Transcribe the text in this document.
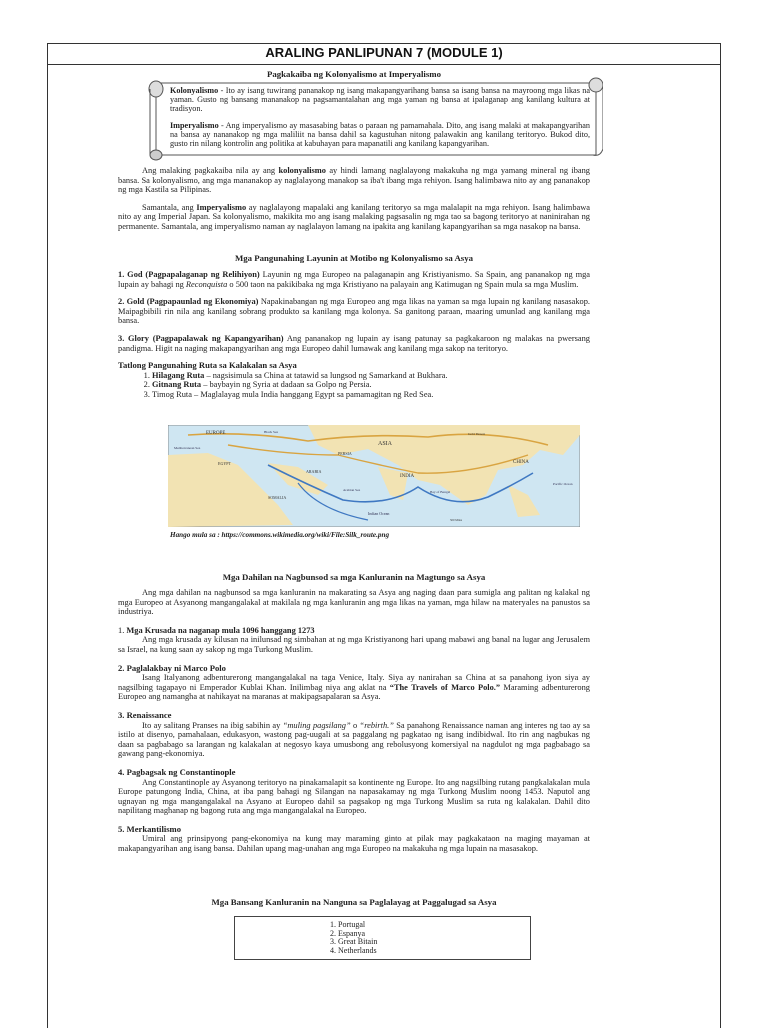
ARALING PANLIPUNAN 7 (MODULE 1)

Pagkakaiba ng Kolonyalismo at Imperyalismo

Kolonyalismo - Ito ay isang tuwirang pananakop ng isang makapangyarihang bansa sa isang bansa na mayroong mga likas na yaman. Gusto ng bansang mananakop na pagsamantalahan ang mga yaman ng bansa at ipalaganap ang kanilang kultura at tradisyon.

Imperyalismo - Ang imperyalismo ay masasabing batas o paraan ng pamamahala. Dito, ang isang malaki at makapangyarihan na bansa ay nananakop ng mga maliliit na bansa dahil sa kagustuhan nitong palawakin ang kanilang teritoryo. Bukod dito, gusto rin nilang kontrolin ang politika at kabuhayan para mapanatili ang kanilang kapangyarihan.

Ang malaking pagkakaiba nila ay ang kolonyalismo ay hindi lamang naglalayong makakuha ng mga yamang mineral ng ibang bansa. Sa kolonyalismo, ang mga mananakop ay naglalayong manakop sa iba't ibang mga rehiyon. Isang halimbawa nito ay ang pananakop ng mga Kastila sa Pilipinas.

Samantala, ang Imperyalismo ay naglalayong mapalaki ang kanilang teritoryo sa mga malalapit na mga rehiyon. Isang halimbawa nito ay ang Imperial Japan. Sa kolonyalismo, makikita mo ang isang malaking pagsasalin ng mga tao sa bagong teritoryo at naninirahan ng permanente. Samantala, ang imperyalismo naman ay naglalayon lamang na ipakita ang kanilang kapangyarihan sa mga nasakop na bansa.

Mga Pangunahing Layunin at Motibo ng Kolonyalismo sa Asya

1. God (Pagpapalaganap ng Relihiyon) Layunin ng mga Europeo na palaganapin ang Kristiyanismo. Sa Spain, ang pananakop ng mga lupain ay bahagi ng Reconquista o 500 taon na pakikibaka ng mga Kristiyano na palayain ang Katimugan ng Spain mula sa mga Muslim.

2. Gold (Pagpapaunlad ng Ekonomiya) Napakinabangan ng mga Europeo ang mga likas na yaman sa mga lupain ng kanilang nasasakop. Maipagbibili rin nila ang kanilang sobrang produkto sa kanilang mga kolonya. Sa ganitong paraan, maaring umunlad ang kanilang mga bansa.

3. Glory (Pagpapalawak ng Kapangyarihan) Ang pananakop ng lupain ay isang patunay sa pagkakaroon ng malakas na pwersang pandigma. Higit na naging makapangyarihan ang mga Europeo dahil lumawak ang kanilang mga sakop na teritoryo.

Tatlong Pangunahing Ruta sa Kalakalan sa Asya

1. Hilagang Ruta – nagsisimula sa China at tatawid sa lungsod ng Samarkand at Bukhara.
2. Gitnang Ruta – baybayin ng Syria at dadaan sa Golpo ng Persia.
3. Timog Ruta – Maglalayag mula India hanggang Egypt sa pamamagitan ng Red Sea.
EUROPE
ASIA
CHINA
INDIA
ARABIA
PERSIA
EGYPT
SOMALIA
Indian Ocean
Arabian Sea	Bay of Bengal
Mediterranean Sea
Black Sea	Gobi Desert
Pacific Ocean
500 Miles
Hango mula sa : https://commons.wikimedia.org/wiki/File:Silk_route.png

Mga Dahilan na Nagbunsod sa mga Kanluranin na Magtungo sa Asya

Ang mga dahilan na nagbunsod sa mga kanluranin na makarating sa Asya ang naging daan para sumigla ang palitan ng kalakal ng mga Europeo at Asyanong mangangalakal at makilala ng mga kanluranin ang mga likas na yaman, mga hilaw na materyales na panustos sa industriya.

1. Mga Krusada na naganap mula 1096 hanggang 1273

Ang mga krusada ay kilusan na inilunsad ng simbahan at ng mga Kristiyanong hari upang mabawi ang banal na lugar ang Jerusalem sa Israel, na kung saan ay sakop ng mga Turkong Muslim.

2. Paglalakbay ni Marco Polo

Isang Italyanong adbenturerong mangangalakal na taga Venice, Italy. Siya ay nanirahan sa China at sa panahong iyon siya ay nagsilbing tagapayo ni Emperador Kublai Khan. Inilimbag niya ang aklat na “The Travels of Marco Polo.” Maraming adbenturerong Europeo ang namangha at nahikayat na maranas at makipagsapalaran sa Asya.

3. Renaissance

Ito ay salitang Pranses na ibig sabihin ay “muling pagsilang” o “rebirth.” Sa panahong Renaissance naman ang interes ng tao ay sa istilo at disenyo, pamahalaan, edukasyon, wastong pag-uugali at sa paggalang ng pagkatao ng isang indibidwal. Ito rin ang nagbukas ng daan sa pagbabago sa larangan ng kalakalan at negosyo kaya umusbong ang rebolusyong komersiyal na nagdulot ng mga pagbabago sa gawang pang-ekonomiya.

4. Pagbagsak ng Constantinople

Ang Constantinople ay Asyanong teritoryo na pinakamalapit sa kontinente ng Europe. Ito ang nagsilbing rutang pangkalakalan mula Europe patungong India, China, at iba pang bahagi ng Silangan na napasakamay ng mga Turkong Muslim noong 1453. Naputol ang ugnayan ng mga mangangalakal na Asyano at Europeo dahil sa pagsakop ng mga Turkong Muslim sa ruta ng kalakalan. Dahil dito napilitang maghanap ng bagong ruta ang mga mangangalakal na Europeo.

5. Merkantilismo

Umiral ang prinsipyong pang-ekonomiya na kung may maraming ginto at pilak may pagkakataon na maging mayaman at makapangyarihan ang isang bansa. Dahilan upang mag-unahan ang mga Europeo na makakuha ng mga lupain na masasakop.

Mga Bansang Kanluranin na Nanguna sa Paglalayag at Paggalugad sa Asya

1. Portugal
2. Espanya
3. Great Bitain
4. Netherlands
